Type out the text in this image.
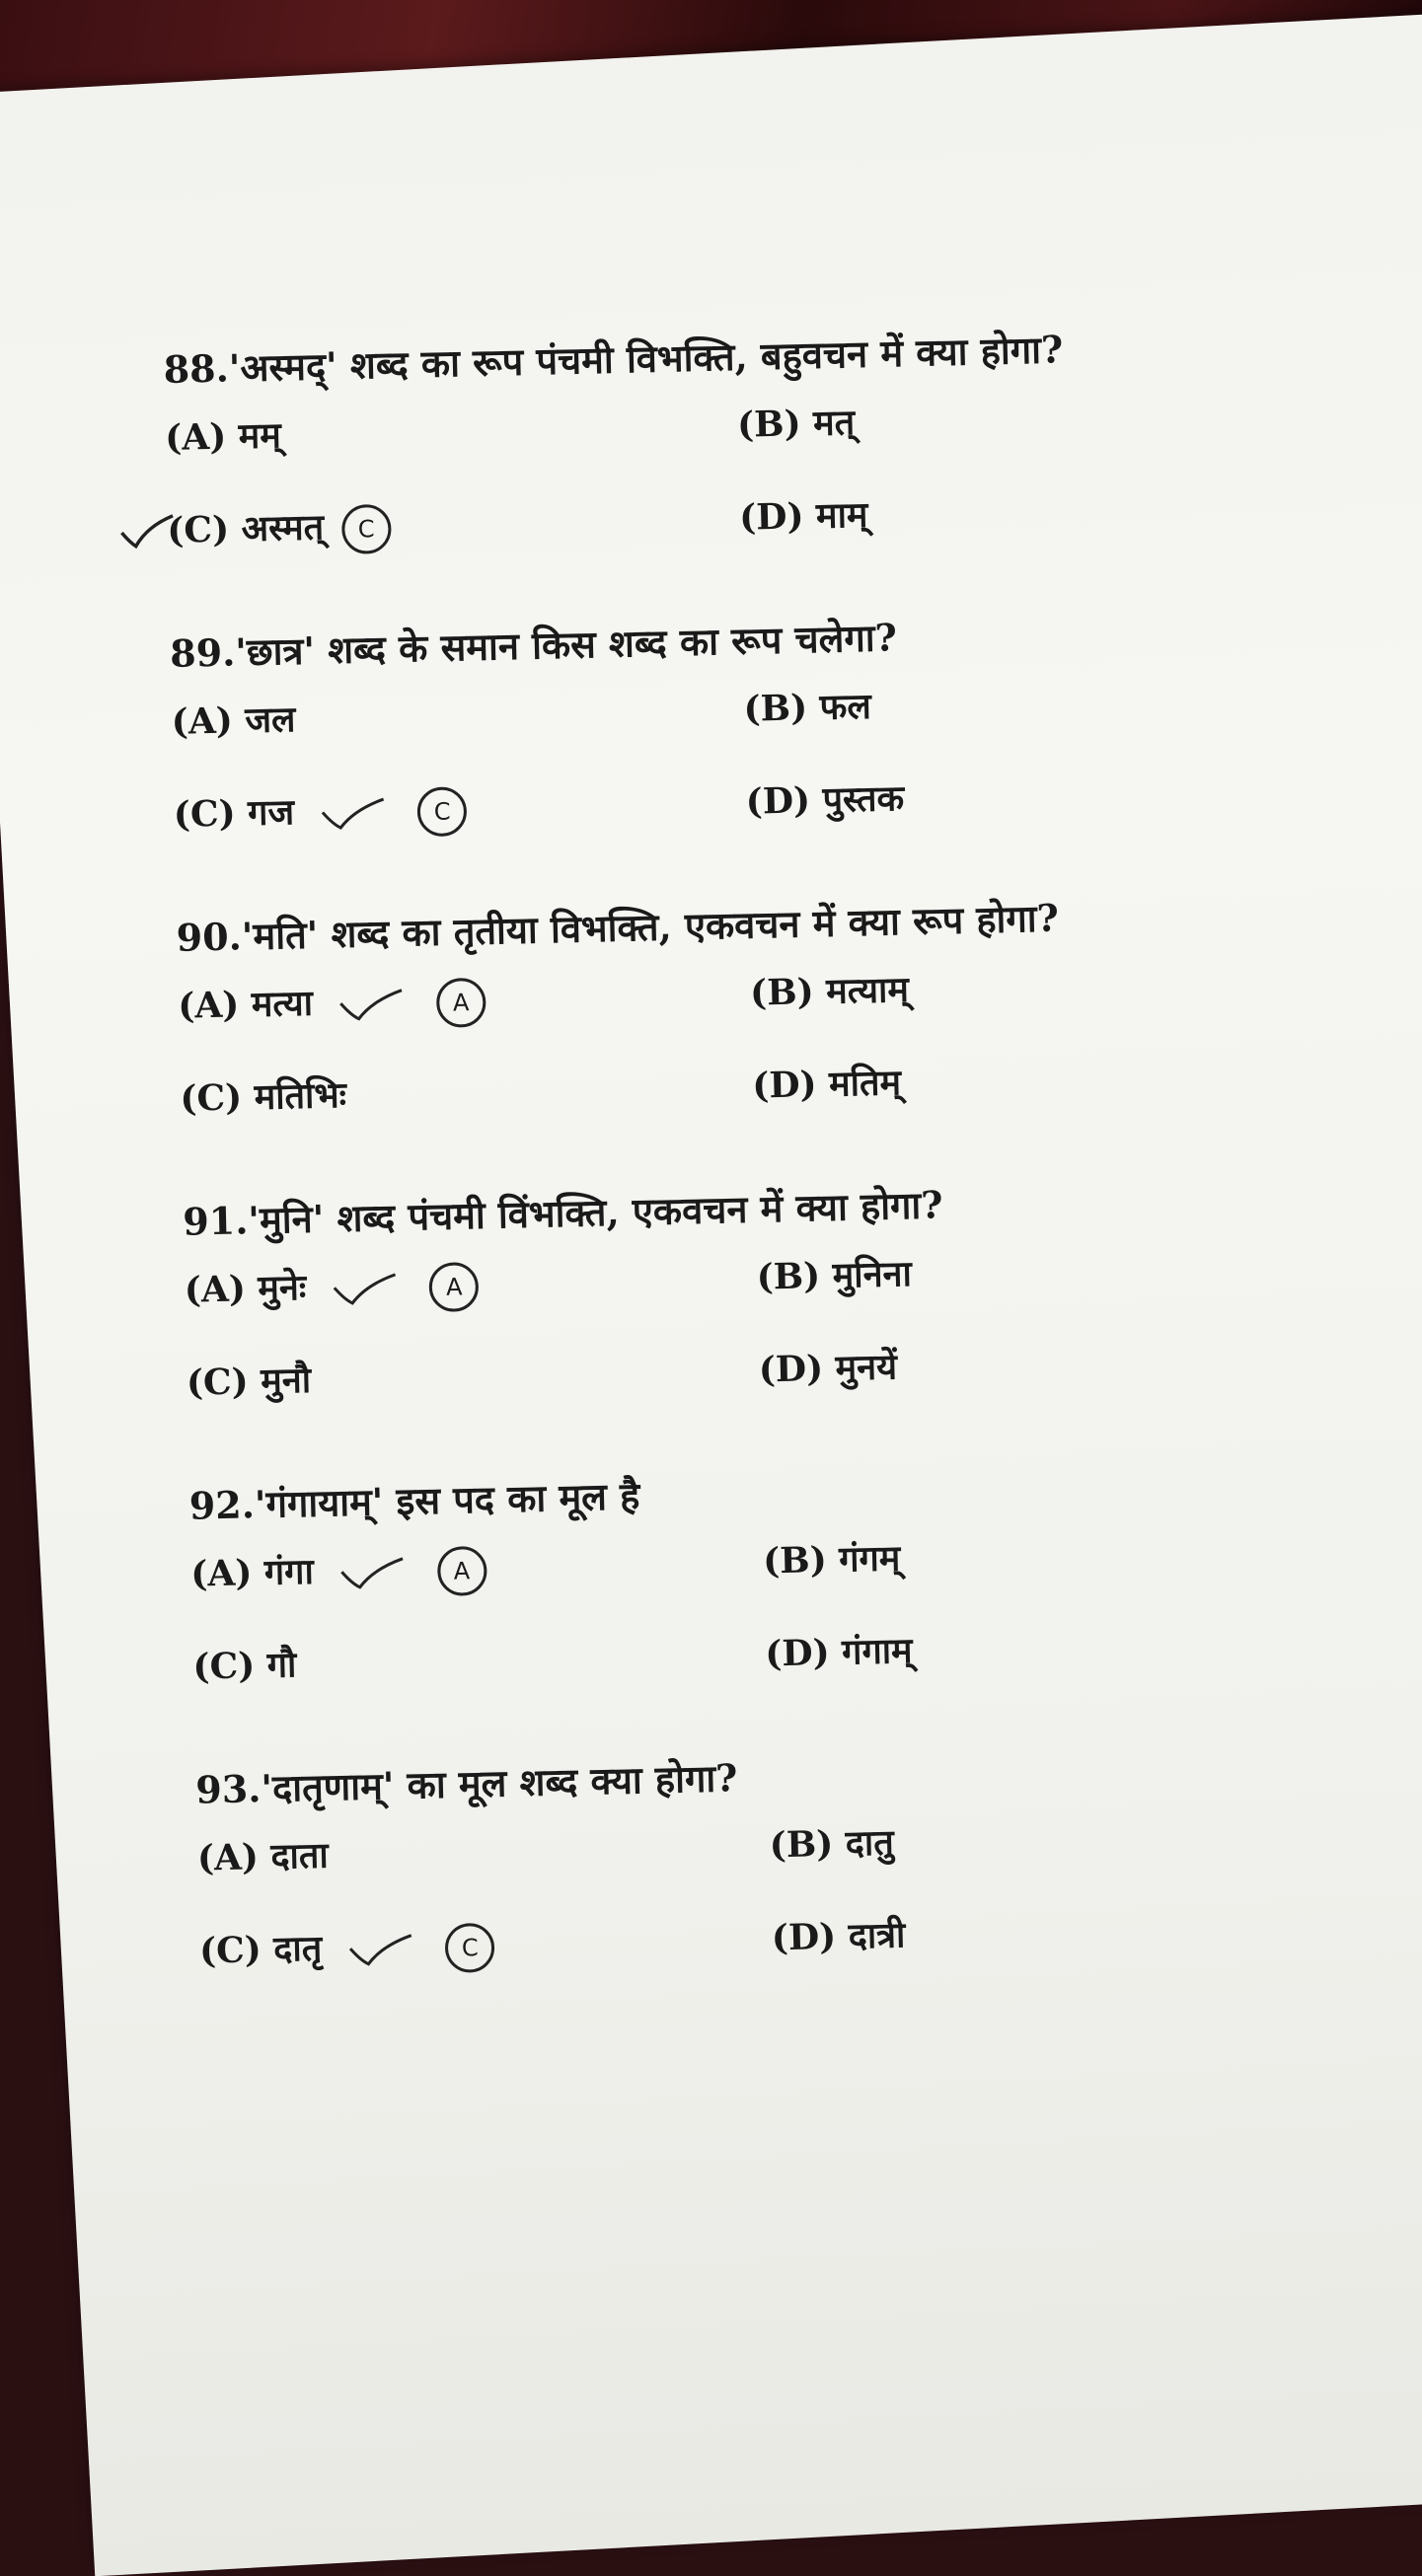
88.'अस्मद्' शब्द का रूप पंचमी विभक्ति, बहुवचन में क्या होगा?
(A) मम्	(B) मत्
(C) अस्मत् C	(D) माम्
89.'छात्र' शब्द के समान किस शब्द का रूप चलेगा?
(A) जल	(B) फल
(C) गज	C	(D) पुस्तक
90.'मति' शब्द का तृतीया विभक्ति, एकवचन में क्या रूप होगा?
(A) मत्या	A	(B) मत्याम्
(C) मतिभिः	(D) मतिम्
91.'मुनि' शब्द पंचमी विंभक्ति, एकवचन में क्या होगा?
(A) मुनेः	A	(B) मुनिना
(C) मुनौ	(D) मुनयें
92.'गंगायाम्' इस पद का मूल है
(A) गंगा	A	(B) गंगम्
(C) गौ	(D) गंगाम्
93.'दातृणाम्' का मूल शब्द क्या होगा?
(A) दाता	(B) दातु
(C) दातृ	C	(D) दात्री
